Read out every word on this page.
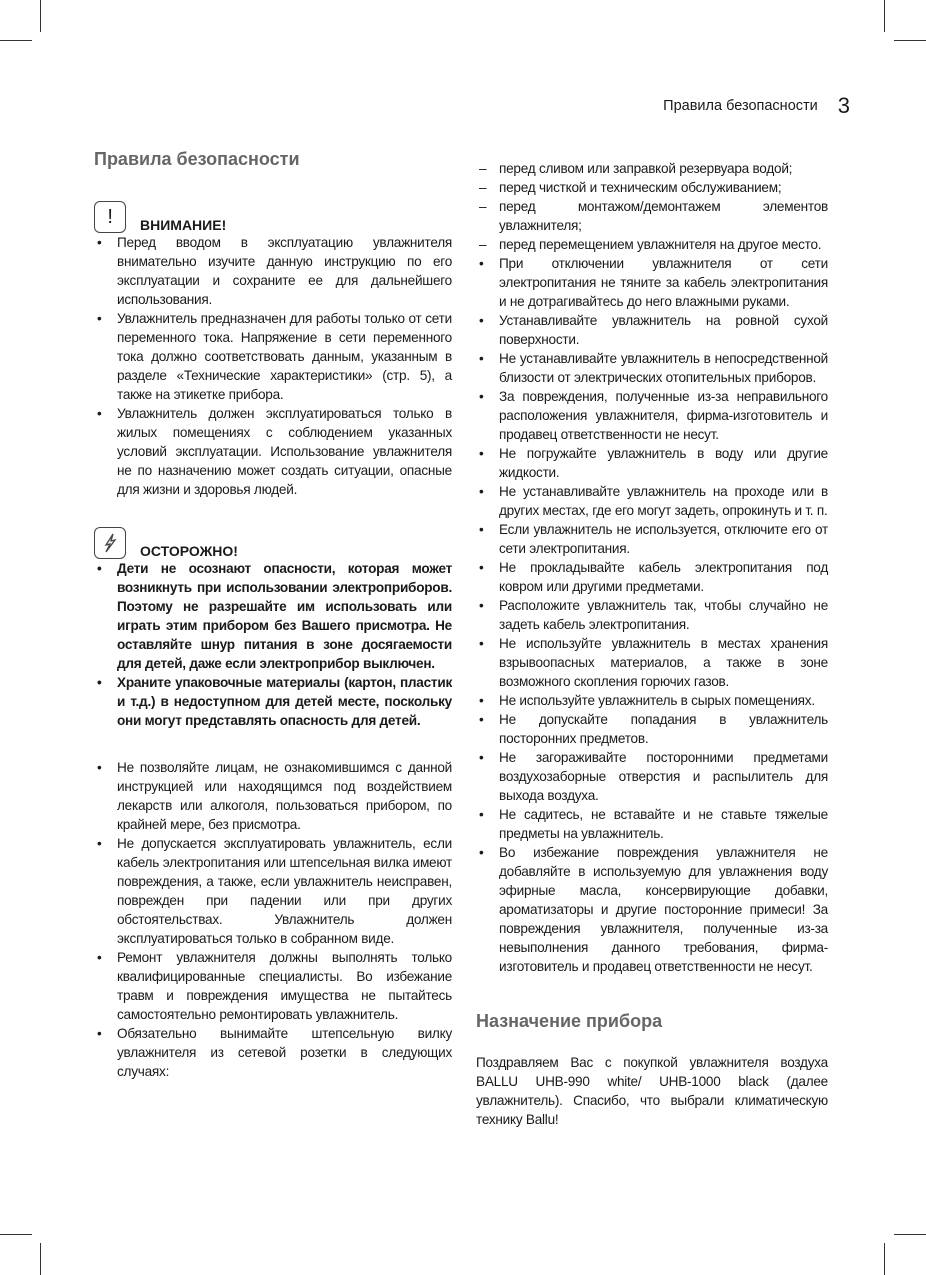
Правила безопасности 3
Правила безопасности
!	ВНИМАНИЕ!
• Перед вводом в эксплуатацию увлажнителя внимательно изучите данную инструкцию по его эксплуатации и сохраните ее для дальнейшего использования.
• Увлажнитель предназначен для работы только от сети переменного тока. Напряжение в сети переменного тока должно соответствовать данным, указанным в разделе «Технические характеристики» (стр. 5), а также на этикетке прибора.
• Увлажнитель должен эксплуатироваться только в жилых помещениях с соблюдением указанных условий эксплуатации. Использование увлажнителя не по назначению может создать ситуации, опасные для жизни и здоровья людей.
ОСТОРОЖНО!
• Дети не осознают опасности, которая может возникнуть при использовании электроприборов. Поэтому не разрешайте им использовать или играть этим прибором без Вашего присмотра. Не оставляйте шнур питания в зоне досягаемости для детей, даже если электроприбор выключен.
• Храните упаковочные материалы (картон, пластик и т.д.) в недоступном для детей месте, поскольку они могут представлять опасность для детей.
• Не позволяйте лицам, не ознакомившимся с данной инструкцией или находящимся под воздействием лекарств или алкоголя, пользоваться прибором, по крайней мере, без присмотра.
• Не допускается эксплуатировать увлажнитель, если кабель электропитания или штепсельная вилка имеют повреждения, а также, если увлажнитель неисправен, поврежден при падении или при других обстоятельствах. Увлажнитель должен эксплуатироваться только в собранном виде.
• Ремонт увлажнителя должны выполнять только квалифицированные специалисты. Во избежание травм и повреждения имущества не пытайтесь самостоятельно ремонтировать увлажнитель.
• Обязательно вынимайте штепсельную вилку увлажнителя из сетевой розетки в следующих случаях:
– перед сливом или заправкой резервуара водой;
– перед чисткой и техническим обслуживанием;
– перед монтажом/демонтажем элементов увлажнителя;
– перед перемещением увлажнителя на другое место.
• При отключении увлажнителя от сети электропитания не тяните за кабель электропитания и не дотрагивайтесь до него влажными руками.
• Устанавливайте увлажнитель на ровной сухой поверхности.
• Не устанавливайте увлажнитель в непосредственной близости от электрических отопительных приборов.
• За повреждения, полученные из-за неправильного расположения увлажнителя, фирма-изготовитель и продавец ответственности не несут.
• Не погружайте увлажнитель в воду или другие жидкости.
• Не устанавливайте увлажнитель на проходе или в других местах, где его могут задеть, опрокинуть и т. п.
• Если увлажнитель не используется, отключите его от сети электропитания.
• Не прокладывайте кабель электропитания под ковром или другими предметами.
• Расположите увлажнитель так, чтобы случайно не задеть кабель электропитания.
• Не используйте увлажнитель в местах хранения взрывоопасных материалов, а также в зоне возможного скопления горючих газов.
• Не используйте увлажнитель в сырых помещениях.
• Не допускайте попадания в увлажнитель посторонних предметов.
• Не загораживайте посторонними предметами воздухозаборные отверстия и распылитель для выхода воздуха.
• Не садитесь, не вставайте и не ставьте тяжелые предметы на увлажнитель.
• Во избежание повреждения увлажнителя не добавляйте в используемую для увлажнения воду эфирные масла, консервирующие добавки, ароматизаторы и другие посторонние примеси! За повреждения увлажнителя, полученные из-за невыполнения данного требования, фирма-изготовитель и продавец ответственности не несут.
Назначение прибора

Поздравляем Вас с покупкой увлажнителя воздуха BALLU UHB-990 white/ UHB-1000 black (далее увлажнитель). Спасибо, что выбрали климатическую технику Ballu!
